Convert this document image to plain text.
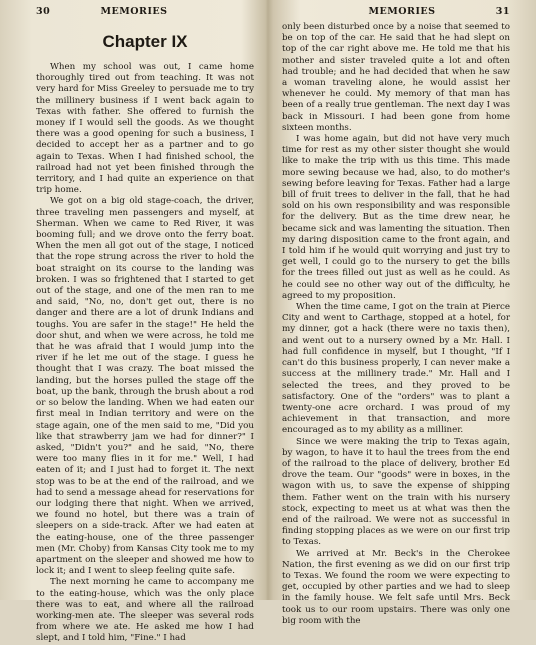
30	MEMORIES
Chapter IX

When my school was out, I came home thoroughly tired out from teaching. It was not very hard for Miss Greeley to persuade me to try the millinery business if I went back again to Texas with father. She offered to furnish the money if I would sell the goods. As we thought there was a good opening for such a business, I decided to accept her as a partner and to go again to Texas. When I had finished school, the railroad had not yet been finished through the territory, and I had quite an experience on that trip home.

We got on a big old stage-coach, the driver, three traveling men passengers and myself, at Sherman. When we came to Red River, it was booming full; and we drove onto the ferry boat. When the men all got out of the stage, I noticed that the rope strung across the river to hold the boat straight on its course to the landing was broken. I was so frightened that I started to get out of the stage, and one of the men ran to me and said, "No, no, don't get out, there is no danger and there are a lot of drunk Indians and toughs. You are safer in the stage!" He held the door shut, and when we were across, he told me that he was afraid that I would jump into the river if he let me out of the stage. I guess he thought that I was crazy. The boat missed the landing, but the horses pulled the stage off the boat, up the bank, through the brush about a rod or so below the landing. When we had eaten our first meal in Indian territory and were on the stage again, one of the men said to me, "Did you like that strawberry jam we had for dinner?" I asked, "Didn't you?" and he said, "No, there were too many flies in it for me." Well, I had eaten of it; and I just had to forget it. The next stop was to be at the end of the railroad, and we had to send a message ahead for reservations for our lodging there that night. When we arrived, we found no hotel, but there was a train of sleepers on a side-track. After we had eaten at the eating-house, one of the three passenger men (Mr. Choby) from Kansas City took me to my apartment on the sleeper and showed me how to lock it; and I went to sleep feeling quite safe.

The next morning he came to accompany me to the eating-house, which was the only place there was to eat, and where all the railroad working-men ate. The sleeper was several rods from where we ate. He asked me how I had slept, and I told him, "Fine." I had

MEMORIES	31

only been disturbed once by a noise that seemed to be on top of the car. He said that he had slept on top of the car right above me. He told me that his mother and sister traveled quite a lot and often had trouble; and he had decided that when he saw a woman traveling alone, he would assist her whenever he could. My memory of that man has been of a really true gentleman. The next day I was back in Missouri. I had been gone from home sixteen months.

I was home again, but did not have very much time for rest as my other sister thought she would like to make the trip with us this time. This made more sewing because we had, also, to do mother's sewing before leaving for Texas. Father had a large bill of fruit trees to deliver in the fall, that he had sold on his own responsibility and was responsible for the delivery. But as the time drew near, he became sick and was lamenting the situation. Then my daring disposition came to the front again, and I told him if he would quit worrying and just try to get well, I could go to the nursery to get the bills for the trees filled out just as well as he could. As he could see no other way out of the difficulty, he agreed to my proposition.

When the time came, I got on the train at Pierce City and went to Carthage, stopped at a hotel, for my dinner, got a hack (there were no taxis then), and went out to a nursery owned by a Mr. Hall. I had full confidence in myself, but I thought, "If I can't do this business properly, I can never make a success at the millinery trade." Mr. Hall and I selected the trees, and they proved to be satisfactory. One of the "orders" was to plant a twenty-one acre orchard. I was proud of my achievement in that transaction, and more encouraged as to my ability as a milliner.

Since we were making the trip to Texas again, by wagon, to have it to haul the trees from the end of the railroad to the place of delivery, brother Ed drove the team. Our "goods" were in boxes, in the wagon with us, to save the expense of shipping them. Father went on the train with his nursery stock, expecting to meet us at what was then the end of the railroad. We were not as successful in finding stopping places as we were on our first trip to Texas.

We arrived at Mr. Beck's in the Cherokee Nation, the first evening as we did on our first trip to Texas. We found the room we were expecting to get, occupied by other parties and we had to sleep in the family house. We felt safe until Mrs. Beck took us to our room upstairs. There was only one big room with the
